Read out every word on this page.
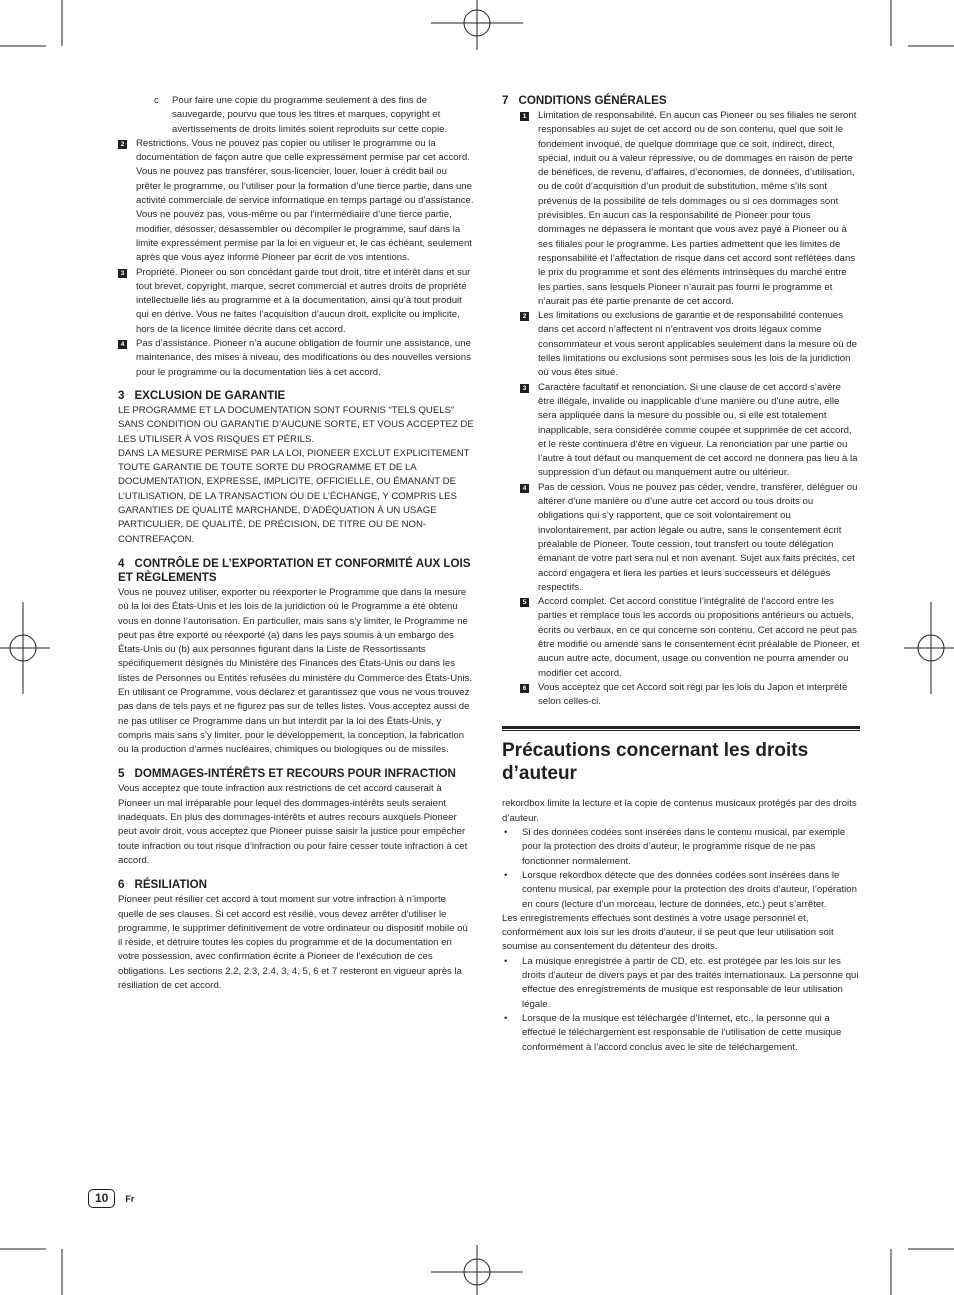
c	Pour faire une copie du programme seulement à des fins de sauvegarde, pourvu que tous les titres et marques, copyright et avertissements de droits limités soient reproduits sur cette copie.
2 Restrictions. Vous ne pouvez pas copier ou utiliser le programme ou la documentation de façon autre que celle expressément permise par cet accord. Vous ne pouvez pas transférer, sous-licencier, louer, louer à crédit bail ou prêter le programme, ou l’utiliser pour la formation d’une tierce partie, dans une activité commerciale de service informatique en temps partagé ou d’assistance. Vous ne pouvez pas, vous-même ou par l’intermédiaire d’une tierce partie, modifier, désosser, désassembler ou décompiler le programme, sauf dans la limite expressément permise par la loi en vigueur et, le cas échéant, seulement après que vous ayez informé Pioneer par écrit de vos intentions.
3 Propriété. Pioneer ou son concédant garde tout droit, titre et intérêt dans et sur tout brevet, copyright, marque, secret commercial et autres droits de propriété intellectuelle liés au programme et à la documentation, ainsi qu’à tout produit qui en dérive. Vous ne faites l’acquisition d’aucun droit, explicite ou implicite, hors de la licence limitée décrite dans cet accord.
4 Pas d’assistance. Pioneer n’a aucune obligation de fournir une assistance, une maintenance, des mises à niveau, des modifications ou des nouvelles versions pour le programme ou la documentation liés à cet accord.
3 EXCLUSION DE GARANTIE

LE PROGRAMME ET LA DOCUMENTATION SONT FOURNIS “TELS QUELS” SANS CONDITION OU GARANTIE D’AUCUNE SORTE, ET VOUS ACCEPTEZ DE LES UTILISER À VOS RISQUES ET PÉRILS.

DANS LA MESURE PERMISE PAR LA LOI, PIONEER EXCLUT EXPLICITEMENT TOUTE GARANTIE DE TOUTE SORTE DU PROGRAMME ET DE LA DOCUMENTATION, EXPRESSE, IMPLICITE, OFFICIELLE, OU ÉMANANT DE L’UTILISATION, DE LA TRANSACTION OU DE L’ÉCHANGE, Y COMPRIS LES GARANTIES DE QUALITÉ MARCHANDE, D’ADÉQUATION À UN USAGE PARTICULIER, DE QUALITÉ, DE PRÉCISION, DE TITRE OU DE NON-CONTREFAÇON.

4 CONTRÔLE DE L’EXPORTATION ET CONFORMITÉ AUX LOIS ET RÈGLEMENTS

Vous ne pouvez utiliser, exporter ou réexporter le Programme que dans la mesure où la loi des États-Unis et les lois de la juridiction où le Programme a été obtenu vous en donne l’autorisation. En particulier, mais sans s’y limiter, le Programme ne peut pas être exporté ou réexporté (a) dans les pays soumis à un embargo des États-Unis ou (b) aux personnes figurant dans la Liste de Ressortissants spécifiquement désignés du Ministère des Finances des États-Unis ou dans les listes de Personnes ou Entités refusées du ministère du Commerce des États-Unis. En utilisant ce Programme, vous déclarez et garantissez que vous ne vous trouvez pas dans de tels pays et ne figurez pas sur de telles listes. Vous acceptez aussi de ne pas utiliser ce Programme dans un but interdit par la loi des États-Unis, y compris mais sans s’y limiter, pour le développement, la conception, la fabrication ou la production d’armes nucléaires, chimiques ou biologiques ou de missiles.

5 DOMMAGES-INTÉRÊTS ET RECOURS POUR INFRACTION

Vous acceptez que toute infraction aux restrictions de cet accord causerait à Pioneer un mal irréparable pour lequel des dommages-intérêts seuls seraient inadéquats. En plus des dommages-intérêts et autres recours auxquels Pioneer peut avoir droit, vous acceptez que Pioneer puisse saisir la justice pour empêcher toute infraction ou tout risque d’infraction ou pour faire cesser toute infraction à cet accord.

6 RÉSILIATION

Pioneer peut résilier cet accord à tout moment sur votre infraction à n’importe quelle de ses clauses. Si cet accord est résilié, vous devez arrêter d’utiliser le programme, le supprimer définitivement de votre ordinateur ou dispositif mobile où il réside, et détruire toutes les copies du programme et de la documentation en votre possession, avec confirmation écrite à Pioneer de l’exécution de ces obligations. Les sections 2.2, 2.3, 2.4, 3, 4, 5, 6 et 7 resteront en vigueur après la résiliation de cet accord.

7 CONDITIONS GÉNÉRALES
1 Limitation de responsabilité. En aucun cas Pioneer ou ses filiales ne seront responsables au sujet de cet accord ou de son contenu, quel que soit le fondement invoqué, de quelque dommage que ce soit, indirect, direct, spécial, induit ou à valeur répressive, ou de dommages en raison de perte de bénéfices, de revenu, d’affaires, d’économies, de données, d’utilisation, ou de coût d’acquisition d’un produit de substitution, même s’ils sont prévenus de la possibilité de tels dommages ou si ces dommages sont prévisibles. En aucun cas la responsabilité de Pioneer pour tous dommages ne dépassera le montant que vous avez payé à Pioneer ou à ses filiales pour le programme. Les parties admettent que les limites de responsabilité et l’affectation de risque dans cet accord sont reflétées dans le prix du programme et sont des éléments intrinsèques du marché entre les parties, sans lesquels Pioneer n’aurait pas fourni le programme et n’aurait pas été partie prenante de cet accord.
2 Les limitations ou exclusions de garantie et de responsabilité contenues dans cet accord n’affectent ni n’entravent vos droits légaux comme consommateur et vous seront applicables seulement dans la mesure où de telles limitations ou exclusions sont permises sous les lois de la juridiction où vous êtes situé.
3 Caractère facultatif et renonciation. Si une clause de cet accord s’avère être illégale, invalide ou inapplicable d’une manière ou d’une autre, elle sera appliquée dans la mesure du possible ou, si elle est totalement inapplicable, sera considérée comme coupée et supprimée de cet accord, et le reste continuera d’être en vigueur. La renonciation par une partie ou l’autre à tout défaut ou manquement de cet accord ne donnera pas lieu à la suppression d’un défaut ou manquement autre ou ultérieur.
4 Pas de cession. Vous ne pouvez pas céder, vendre, transférer, déléguer ou altérer d’une manière ou d’une autre cet accord ou tous droits ou obligations qui s’y rapportent, que ce soit volontairement ou involontairement, par action légale ou autre, sans le consentement écrit préalable de Pioneer. Toute cession, tout transfert ou toute délégation émanant de votre part sera nul et non avenant. Sujet aux faits précités, cet accord engagera et liera les parties et leurs successeurs et délégués respectifs.
5 Accord complet. Cet accord constitue l’intégralité de l’accord entre les parties et remplace tous les accords ou propositions antérieurs ou actuels, écrits ou verbaux, en ce qui concerne son contenu. Cet accord ne peut pas être modifié ou amendé sans le consentement écrit préalable de Pioneer, et aucun autre acte, document, usage ou convention ne pourra amender ou modifier cet accord.
6 Vous acceptez que cet Accord soit régi par les lois du Japon et interprété selon celles-ci.
Précautions concernant les droits d’auteur

rekordbox limite la lecture et la copie de contenus musicaux protégés par des droits d’auteur.

•	Si des données codées sont insérées dans le contenu musical, par exemple pour la protection des droits d’auteur, le programme risque de ne pas fonctionner normalement.
•	Lorsque rekordbox détecte que des données codées sont insérées dans le contenu musical, par exemple pour la protection des droits d’auteur, l’opération en cours (lecture d’un morceau, lecture de données, etc.) peut s’arrêter.

Les enregistrements effectués sont destinés à votre usage personnel et, conformément aux lois sur les droits d’auteur, il se peut que leur utilisation soit soumise au consentement du détenteur des droits.

•	La musique enregistrée à partir de CD, etc. est protégée par les lois sur les droits d’auteur de divers pays et par des traités internationaux. La personne qui effectue des enregistrements de musique est responsable de leur utilisation légale.
•	Lorsque de la musique est téléchargée d’Internet, etc., la personne qui a effectué le téléchargement est responsable de l’utilisation de cette musique conformément à l’accord conclus avec le site de téléchargement.
10	Fr
